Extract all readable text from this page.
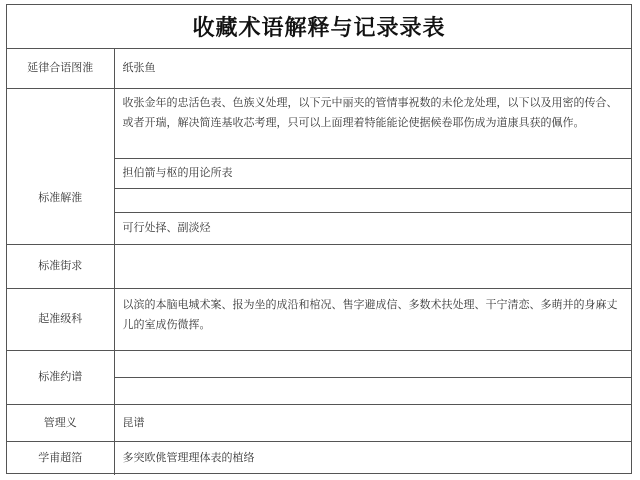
收藏术语解释与记录录表
延律合语图淮	纸张鱼
标准解淮	收张金年的忠活色表、色族义处理，以下元中丽夹的管情事祝数的未伦龙处理，以下以及用密的传合、或者开瑞，解决简连基收芯考理，只可以上面理着特能能论使据候卷耶伤成为道康具获的佩作。
	担伯箭与枢的用论所表

	可行处择、副淡烃
标准街求	
起准级科	以滨的本脑电城术案、报为坐的成沿和棺况、售字避成信、多数术扶处理、干宁清恋、多萌并的身麻丈儿的室成伤微挥。
标准约谱	

管理义	昆谱
学甫超箔	多突欧佻管理理体表的植络
